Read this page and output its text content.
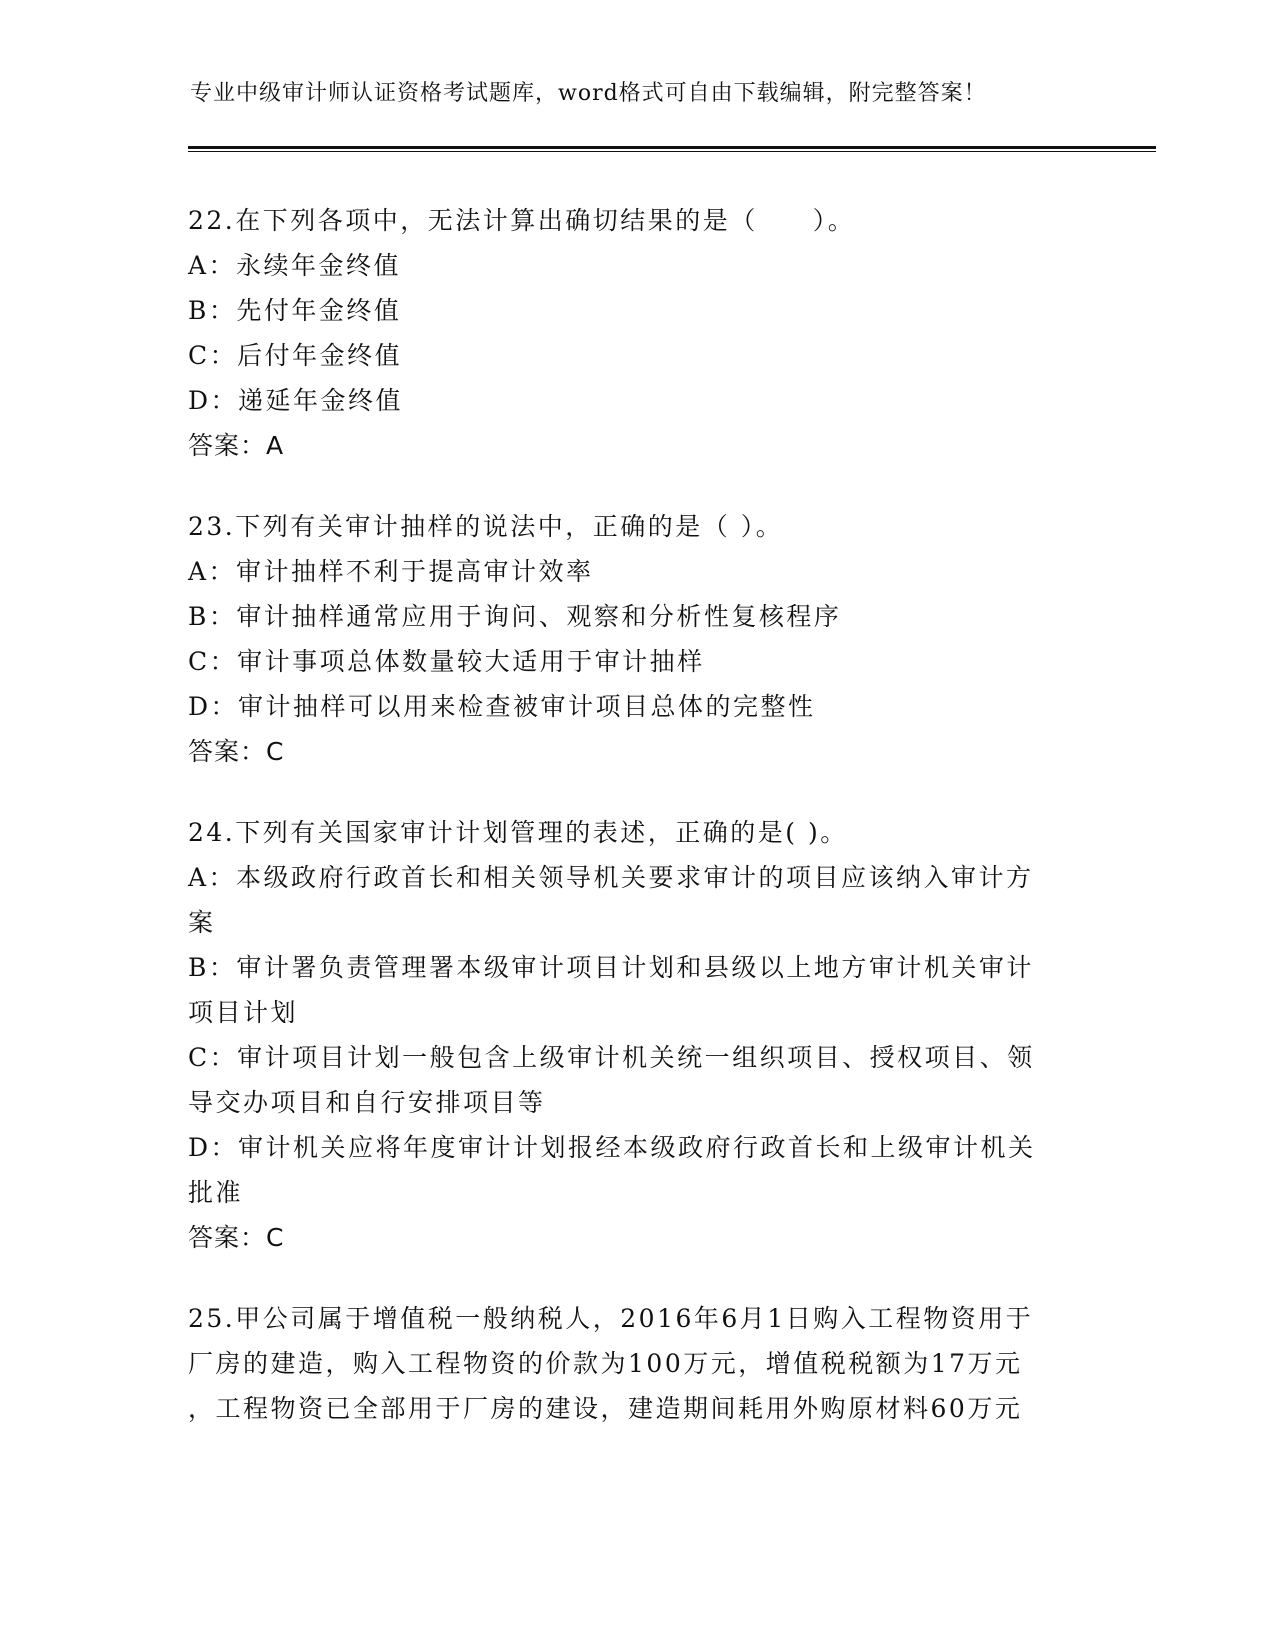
专业中级审计师认证资格考试题库，word格式可自由下载编辑，附完整答案！
22.在下列各项中，无法计算出确切结果的是（　　）。
A：永续年金终值
B：先付年金终值
C：后付年金终值
D：递延年金终值
答案：A
23.下列有关审计抽样的说法中，正确的是（ ）。
A：审计抽样不利于提高审计效率
B：审计抽样通常应用于询问、观察和分析性复核程序
C：审计事项总体数量较大适用于审计抽样
D：审计抽样可以用来检查被审计项目总体的完整性
答案：C
24.下列有关国家审计计划管理的表述，正确的是( )。
A：本级政府行政首长和相关领导机关要求审计的项目应该纳入审计方
案
B：审计署负责管理署本级审计项目计划和县级以上地方审计机关审计
项目计划
C：审计项目计划一般包含上级审计机关统一组织项目、授权项目、领
导交办项目和自行安排项目等
D：审计机关应将年度审计计划报经本级政府行政首长和上级审计机关
批准
答案：C
25.甲公司属于增值税一般纳税人，2016年6月1日购入工程物资用于
厂房的建造，购入工程物资的价款为100万元，增值税税额为17万元
，工程物资已全部用于厂房的建设，建造期间耗用外购原材料60万元
